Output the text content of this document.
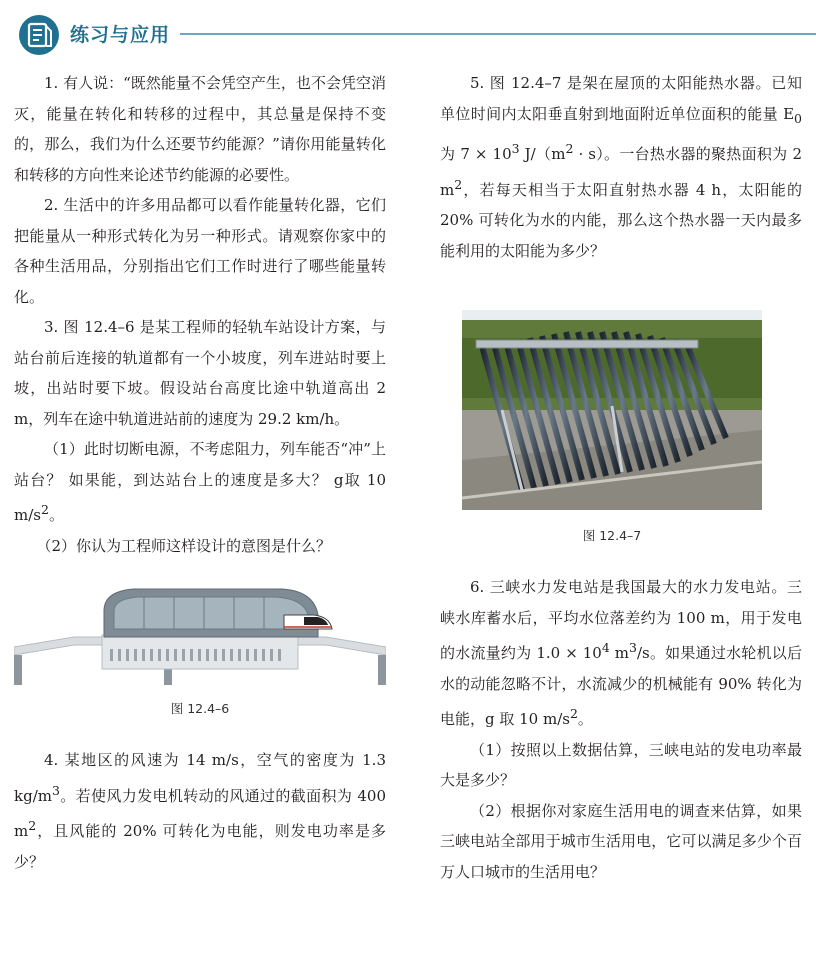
练习与应用

1. 有人说：“既然能量不会凭空产生，也不会凭空消灭，能量在转化和转移的过程中，其总量是保持不变的，那么，我们为什么还要节约能源？”请你用能量转化和转移的方向性来论述节约能源的必要性。

2. 生活中的许多用品都可以看作能量转化器，它们把能量从一种形式转化为另一种形式。请观察你家中的各种生活用品，分别指出它们工作时进行了哪些能量转化。

3. 图 12.4–6 是某工程师的轻轨车站设计方案，与站台前后连接的轨道都有一个小坡度，列车进站时要上坡，出站时要下坡。假设站台高度比途中轨道高出 2 m，列车在途中轨道进站前的速度为 29.2 km/h。

（1）此时切断电源，不考虑阻力，列车能否“冲”上站台？ 如果能，到达站台上的速度是多大？ g取 10 $m/s^2$。

（2）你认为工程师这样设计的意图是什么？

图 12.4–6

4. 某地区的风速为 14 m/s，空气的密度为 1.3 $kg/m^3$。若使风力发电机转动的风通过的截面积为 400 $m^2$，且风能的 20% 可转化为电能，则发电功率是多少？

5. 图 12.4–7 是架在屋顶的太阳能热水器。已知单位时间内太阳垂直射到地面附近单位面积的能量 $E_0$ 为 $7 \times 10^3$ $J/(m^2 \cdot s)$。一台热水器的聚热面积为 2 $m^2$，若每天相当于太阳直射热水器 4 h，太阳能的 20% 可转化为水的内能，那么这个热水器一天内最多能利用的太阳能为多少？

图 12.4–7

6. 三峡水力发电站是我国最大的水力发电站。三峡水库蓄水后，平均水位落差约为 100 m，用于发电的水流量约为 $1.0 \times 10^4$ $m^3/s$。如果通过水轮机以后水的动能忽略不计，水流减少的机械能有 90% 转化为电能，g 取 10 $m/s^2$。

（1）按照以上数据估算，三峡电站的发电功率最大是多少？

（2）根据你对家庭生活用电的调查来估算，如果三峡电站全部用于城市生活用电，它可以满足多少个百万人口城市的生活用电？
